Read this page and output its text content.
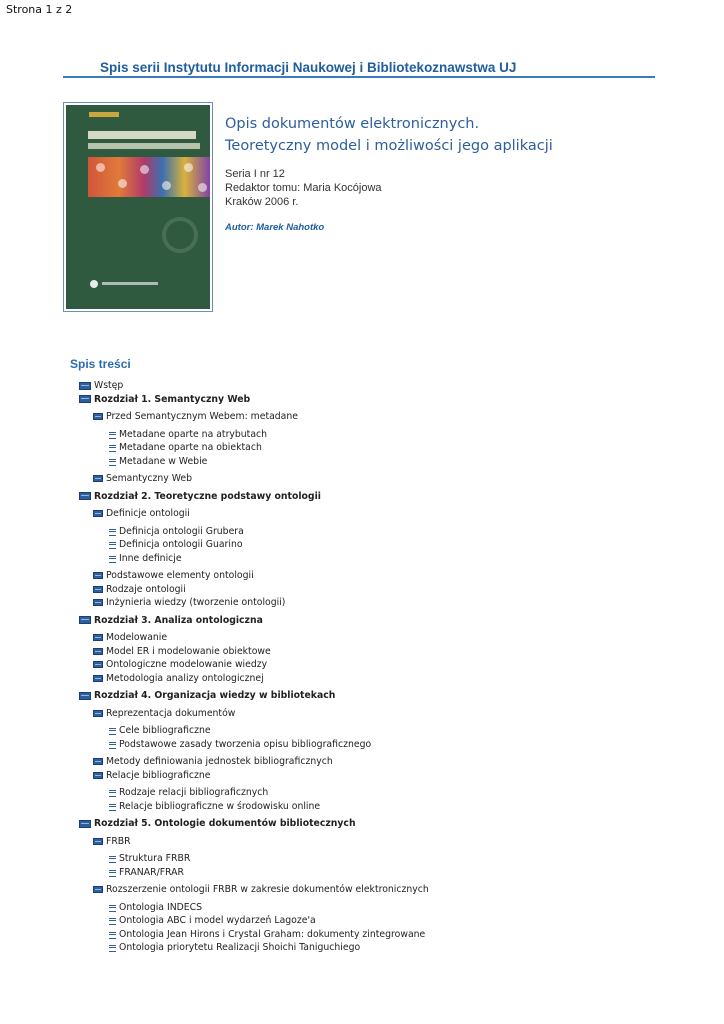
Strona 1 z 2
Spis serii Instytutu Informacji Naukowej i Bibliotekoznawstwa UJ
Opis dokumentów elektronicznych.
Teoretyczny model i możliwości jego aplikacji
Seria I nr 12
Redaktor tomu: Maria Kocójowa
Kraków 2006 r.
Autor: Marek Nahotko
Spis treści
Wstęp
Rozdział 1. Semantyczny Web
Przed Semantycznym Webem: metadane
Metadane oparte na atrybutach
Metadane oparte na obiektach
Metadane w Webie
Semantyczny Web
Rozdział 2. Teoretyczne podstawy ontologii
Definicje ontologii
Definicja ontologii Grubera
Definicja ontologii Guarino
Inne definicje
Podstawowe elementy ontologii
Rodzaje ontologii
Inżynieria wiedzy (tworzenie ontologii)
Rozdział 3. Analiza ontologiczna
Modelowanie
Model ER i modelowanie obiektowe
Ontologiczne modelowanie wiedzy
Metodologia analizy ontologicznej
Rozdział 4. Organizacja wiedzy w bibliotekach
Reprezentacja dokumentów
Cele bibliograficzne
Podstawowe zasady tworzenia opisu bibliograficznego
Metody definiowania jednostek bibliograficznych
Relacje bibliograficzne
Rodzaje relacji bibliograficznych
Relacje bibliograficzne w środowisku online
Rozdział 5. Ontologie dokumentów bibliotecznych
FRBR
Struktura FRBR
FRANAR/FRAR
Rozszerzenie ontologii FRBR w zakresie dokumentów elektronicznych
Ontologia INDECS
Ontologia ABC i model wydarzeń Lagoze'a
Ontologia Jean Hirons i Crystal Graham: dokumenty zintegrowane
Ontologia priorytetu Realizacji Shoichi Taniguchiego
